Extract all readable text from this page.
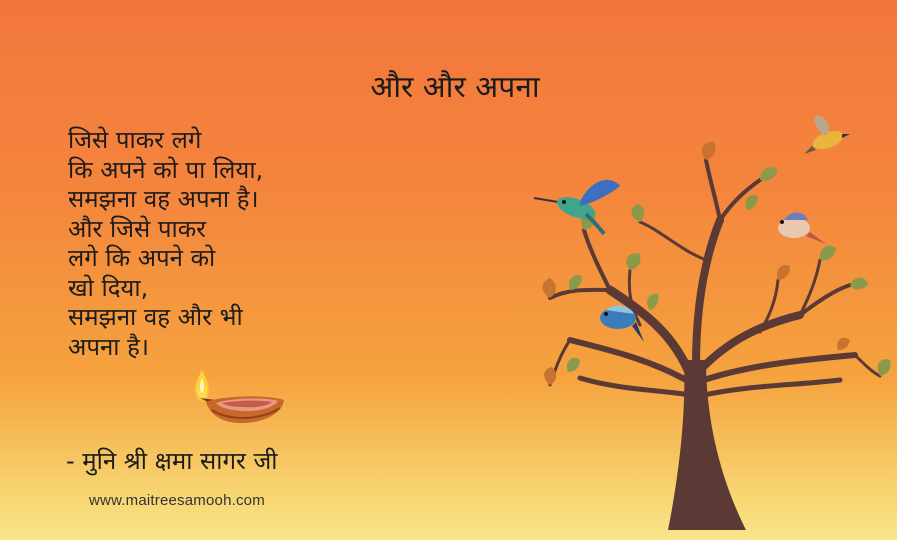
और और अपना
जिसे पाकर लगे
कि अपने को पा लिया,
समझना वह अपना है।
और जिसे पाकर
लगे कि अपने को
खो दिया,
समझना वह और भी
अपना है।
- मुनि श्री क्षमा सागर जी
www.maitreesamooh.com
